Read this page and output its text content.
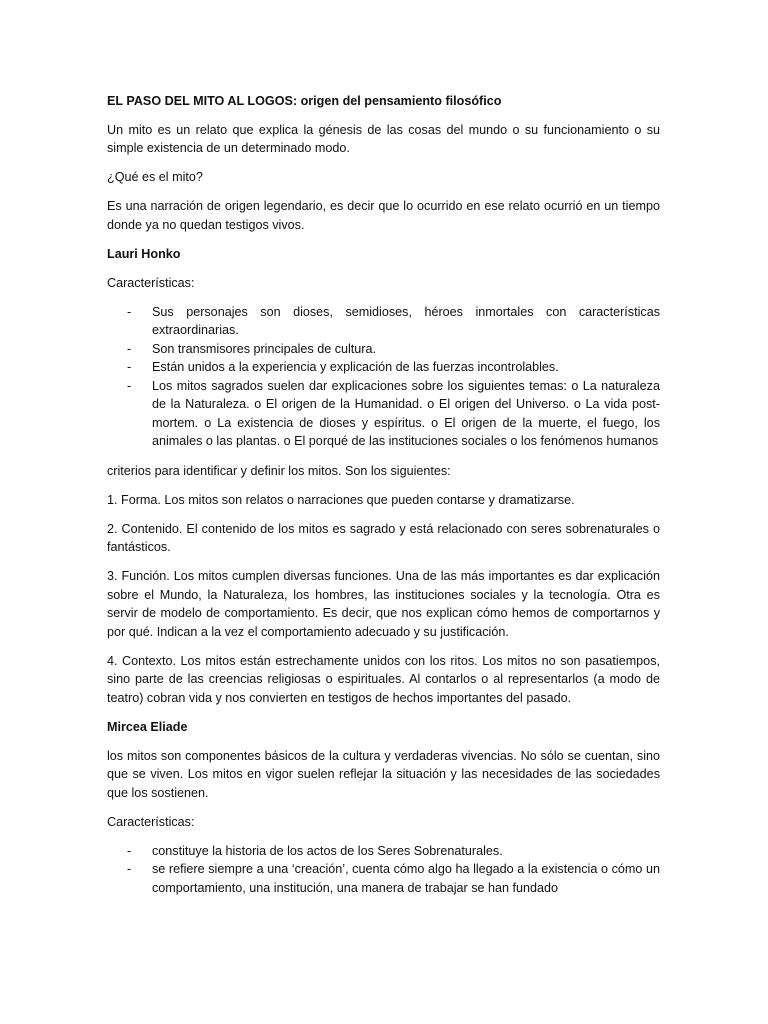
EL PASO DEL MITO AL LOGOS: origen del pensamiento filosófico

Un mito es un relato que explica la génesis de las cosas del mundo o su funcionamiento o su simple existencia de un determinado modo.

¿Qué es el mito?

Es una narración de origen legendario, es decir que lo ocurrido en ese relato ocurrió en un tiempo donde ya no quedan testigos vivos.

Lauri Honko

Características:

- Sus personajes son dioses, semidioses, héroes inmortales con características extraordinarias.
- Son transmisores principales de cultura.
- Están unidos a la experiencia y explicación de las fuerzas incontrolables.
- Los mitos sagrados suelen dar explicaciones sobre los siguientes temas: o La naturaleza de la Naturaleza. o El origen de la Humanidad. o El origen del Universo. o La vida post-mortem. o La existencia de dioses y espíritus. o El origen de la muerte, el fuego, los animales o las plantas. o El porqué de las instituciones sociales o los fenómenos humanos

criterios para identificar y definir los mitos. Son los siguientes:

1. Forma. Los mitos son relatos o narraciones que pueden contarse y dramatizarse.

2. Contenido. El contenido de los mitos es sagrado y está relacionado con seres sobrenaturales o fantásticos.

3. Función. Los mitos cumplen diversas funciones. Una de las más importantes es dar explicación sobre el Mundo, la Naturaleza, los hombres, las instituciones sociales y la tecnología. Otra es servir de modelo de comportamiento. Es decir, que nos explican cómo hemos de comportarnos y por qué. Indican a la vez el comportamiento adecuado y su justificación.

4. Contexto. Los mitos están estrechamente unidos con los ritos. Los mitos no son pasatiempos, sino parte de las creencias religiosas o espirituales. Al contarlos o al representarlos (a modo de teatro) cobran vida y nos convierten en testigos de hechos importantes del pasado.

Mircea Eliade

los mitos son componentes básicos de la cultura y verdaderas vivencias. No sólo se cuentan, sino que se viven. Los mitos en vigor suelen reflejar la situación y las necesidades de las sociedades que los sostienen.

Características:

- constituye la historia de los actos de los Seres Sobrenaturales.
- se refiere siempre a una ‘creación’, cuenta cómo algo ha llegado a la existencia o cómo un comportamiento, una institución, una manera de trabajar se han fundado
